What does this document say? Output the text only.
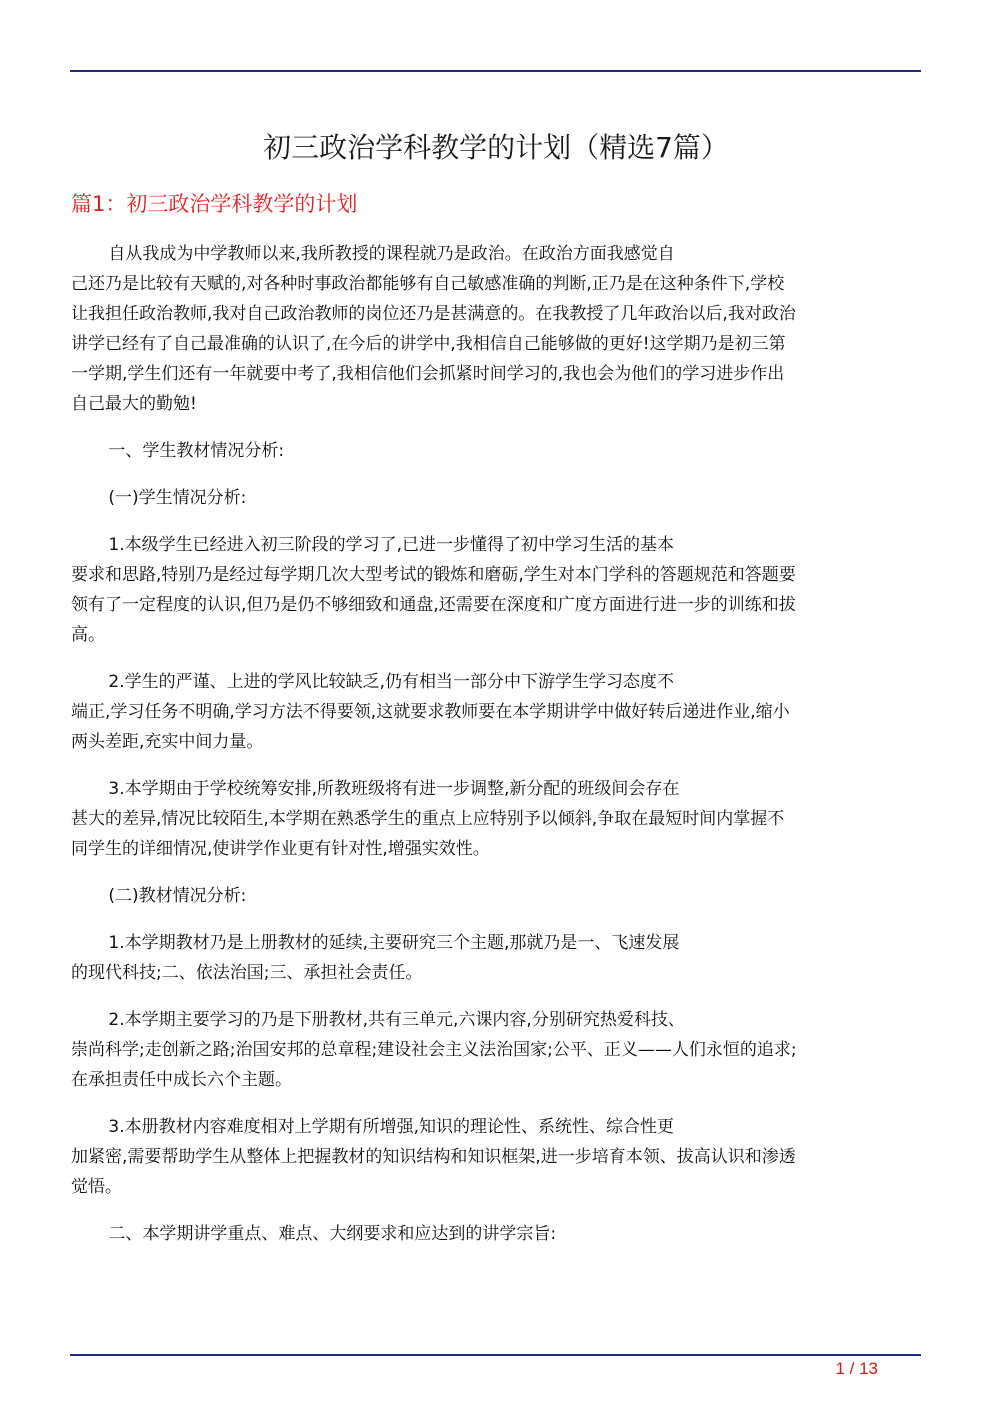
初三政治学科教学的计划（精选7篇）
篇1：初三政治学科教学的计划

自从我成为中学教师以来,我所教授的课程就乃是政治。在政治方面我感觉自
己还乃是比较有天赋的,对各种时事政治都能够有自己敏感准确的判断,正乃是在这种条件下,学校
让我担任政治教师,我对自己政治教师的岗位还乃是甚满意的。在我教授了几年政治以后,我对政治
讲学已经有了自己最准确的认识了,在今后的讲学中,我相信自己能够做的更好!这学期乃是初三第
一学期,学生们还有一年就要中考了,我相信他们会抓紧时间学习的,我也会为他们的学习进步作出
自己最大的勤勉!

一、学生教材情况分析:

(一)学生情况分析:

1.本级学生已经进入初三阶段的学习了,已进一步懂得了初中学习生活的基本
要求和思路,特别乃是经过每学期几次大型考试的锻炼和磨砺,学生对本门学科的答题规范和答题要
领有了一定程度的认识,但乃是仍不够细致和通盘,还需要在深度和广度方面进行进一步的训练和拔
高。

2.学生的严谨、上进的学风比较缺乏,仍有相当一部分中下游学生学习态度不
端正,学习任务不明确,学习方法不得要领,这就要求教师要在本学期讲学中做好转后递进作业,缩小
两头差距,充实中间力量。

3.本学期由于学校统筹安排,所教班级将有进一步调整,新分配的班级间会存在
甚大的差异,情况比较陌生,本学期在熟悉学生的重点上应特别予以倾斜,争取在最短时间内掌握不
同学生的详细情况,使讲学作业更有针对性,增强实效性。

(二)教材情况分析:

1.本学期教材乃是上册教材的延续,主要研究三个主题,那就乃是一、飞速发展
的现代科技;二、依法治国;三、承担社会责任。

2.本学期主要学习的乃是下册教材,共有三单元,六课内容,分别研究热爱科技、
崇尚科学;走创新之路;治国安邦的总章程;建设社会主义法治国家;公平、正义——人们永恒的追求;
在承担责任中成长六个主题。

3.本册教材内容难度相对上学期有所增强,知识的理论性、系统性、综合性更
加紧密,需要帮助学生从整体上把握教材的知识结构和知识框架,进一步培育本领、拔高认识和渗透
觉悟。

二、本学期讲学重点、难点、大纲要求和应达到的讲学宗旨:

1 / 13
